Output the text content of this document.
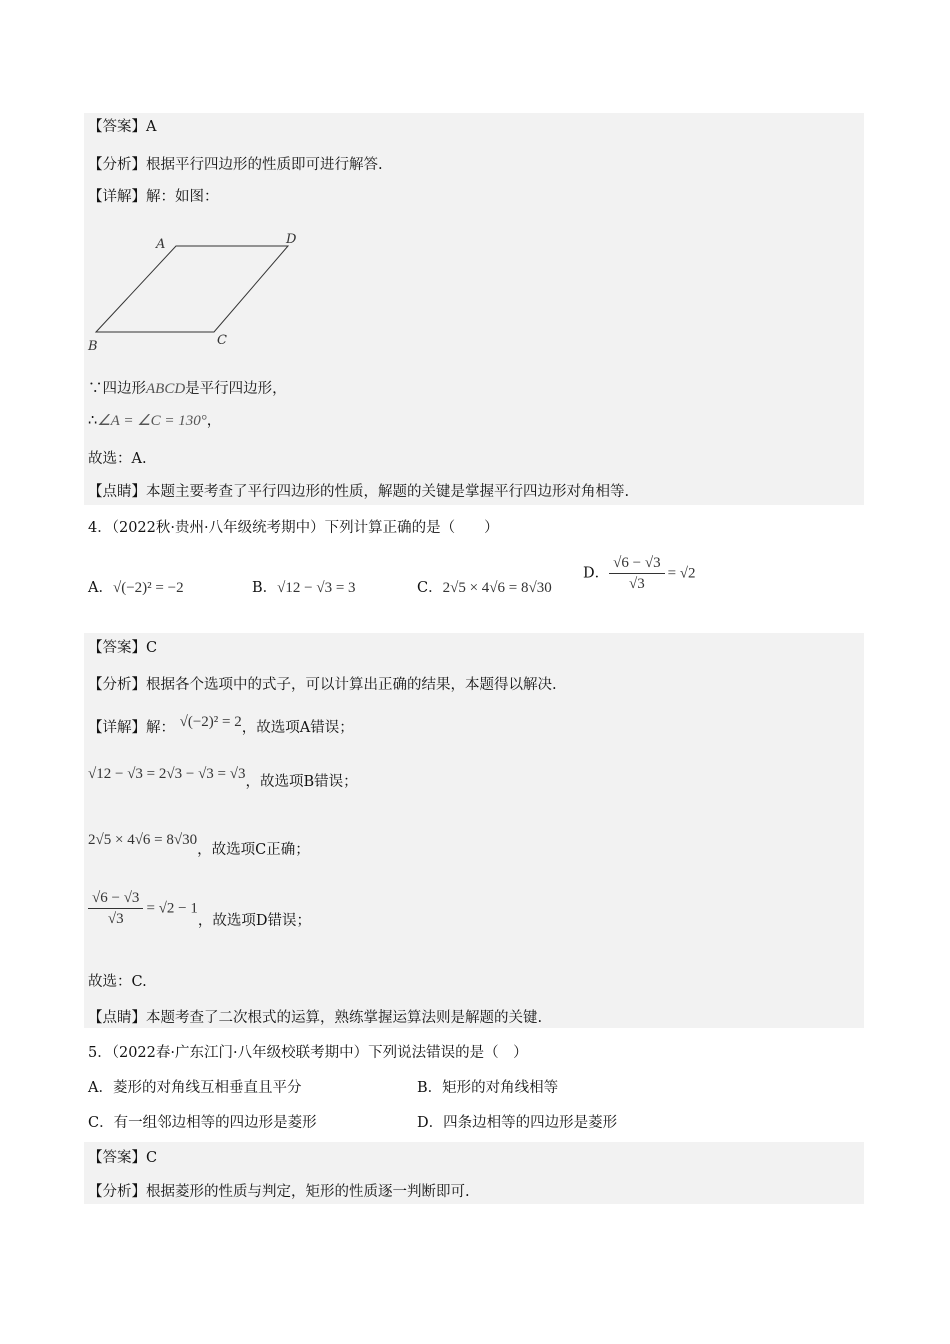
【答案】A
【分析】根据平行四边形的性质即可进行解答.
【详解】解：如图：
A	D
B	C
∵四边形ABCD是平行四边形，
∴∠A = ∠C = 130°，
故选：A.
【点睛】本题主要考查了平行四边形的性质，解题的关键是掌握平行四边形对角相等.
4．（2022秋·贵州·八年级统考期中）下列计算正确的是（　　）
A．√(−2)² = −2	B．√12 − √3 = 3	C．2√5 × 4√6 = 8√30
D． $\frac{√6 - √3}{√3} = √2$
【答案】C
【分析】根据各个选项中的式子，可以计算出正确的结果，本题得以解决.
【详解】解： √(−2)² = 2，故选项A错误；
√12 − √3 = 2√3 − √3 = √3，故选项B错误；
2√5 × 4√6 = 8√30，故选项C正确；
$\frac{√6 - √3}{√3} = √2 - 1$，故选项D错误；
故选：C.
【点睛】本题考查了二次根式的运算，熟练掌握运算法则是解题的关键.
5．（2022春·广东江门·八年级校联考期中）下列说法错误的是（　）
A．菱形的对角线互相垂直且平分	B．矩形的对角线相等
C．有一组邻边相等的四边形是菱形	D．四条边相等的四边形是菱形
【答案】C
【分析】根据菱形的性质与判定，矩形的性质逐一判断即可.
